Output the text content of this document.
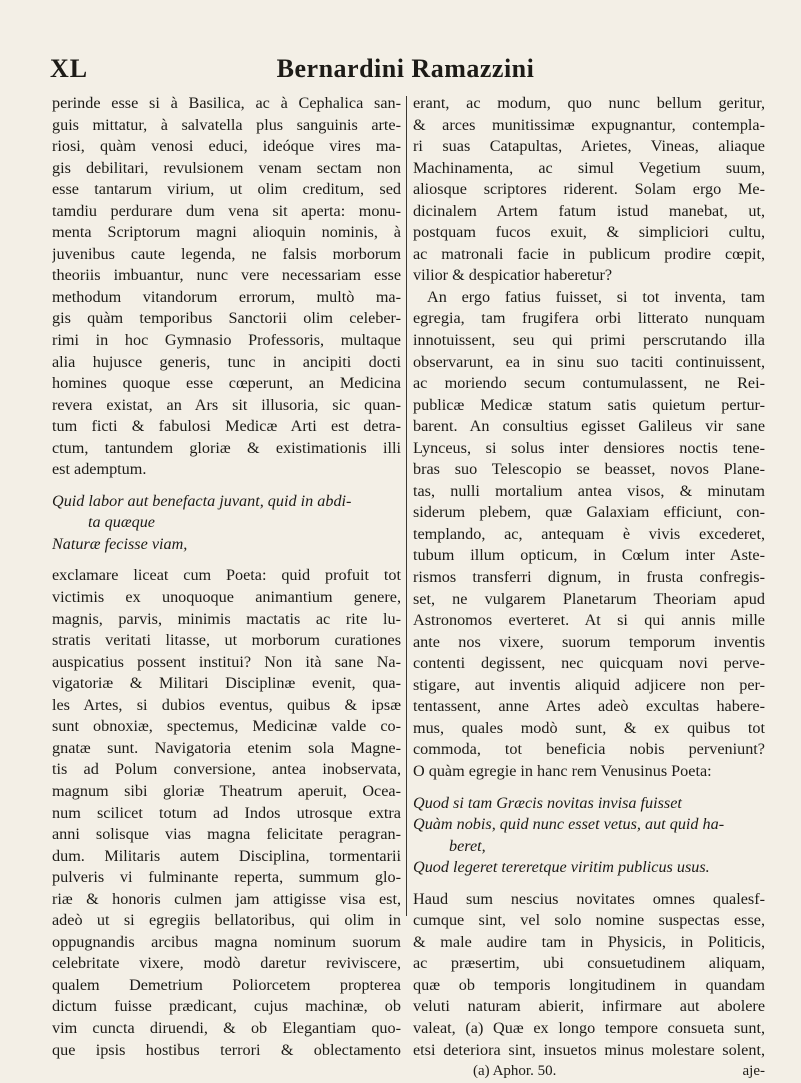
XL	Bernardini Ramazzini
perinde esse si à Basilica, ac à Cephalica san-
guis mittatur, à salvatella plus sanguinis arte-
riosi, quàm venosi educi, ideóque vires ma-
gis debilitari, revulsionem venam sectam non
esse tantarum virium, ut olim creditum, sed
tamdiu perdurare dum vena sit aperta: monu-
menta Scriptorum magni alioquin nominis, à
juvenibus caute legenda, ne falsis morborum
theoriis imbuantur, nunc vere necessariam esse
methodum vitandorum errorum, multò ma-
gis quàm temporibus Sanctorii olim celeber-
rimi in hoc Gymnasio Professoris, multaque
alia hujusce generis, tunc in ancipiti docti
homines quoque esse cœperunt, an Medicina
revera existat, an Ars sit illusoria, sic quan-
tum ficti & fabulosi Medicæ Arti est detra-
ctum, tantundem gloriæ & existimationis illi
est ademptum.
Quid labor aut benefacta juvant, quid in abdi-
ta quæque
Naturæ fecisse viam,
exclamare liceat cum Poeta: quid profuit tot
victimis ex unoquoque animantium genere,
magnis, parvis, minimis mactatis ac rite lu-
stratis veritati litasse, ut morborum curationes
auspicatius possent institui? Non ità sane Na-
vigatoriæ & Militari Disciplinæ evenit, qua-
les Artes, si dubios eventus, quibus & ipsæ
sunt obnoxiæ, spectemus, Medicinæ valde co-
gnatæ sunt. Navigatoria etenim sola Magne-
tis ad Polum conversione, antea inobservata,
magnum sibi gloriæ Theatrum aperuit, Ocea-
num scilicet totum ad Indos utrosque extra
anni solisque vias magna felicitate peragran-
dum. Militaris autem Disciplina, tormentarii
pulveris vi fulminante reperta, summum glo-
riæ & honoris culmen jam attigisse visa est,
adeò ut si egregiis bellatoribus, qui olim in
oppugnandis arcibus magna nominum suorum
celebritate vixere, modò daretur reviviscere,
qualem Demetrium Poliorcetem propterea
dictum fuisse prædicant, cujus machinæ, ob
vim cuncta diruendi, & ob Elegantiam quo-
que ipsis hostibus terrori & oblectamento
erant, ac modum, quo nunc bellum geritur,
& arces munitissimæ expugnantur, contempla-
ri suas Catapultas, Arietes, Vineas, aliaque
Machinamenta, ac simul Vegetium suum,
aliosque scriptores riderent. Solam ergo Me-
dicinalem Artem fatum istud manebat, ut,
postquam fucos exuit, & simpliciori cultu,
ac matronali facie in publicum prodire cœpit,
vilior & despicatior haberetur?
An ergo fatius fuisset, si tot inventa, tam
egregia, tam frugifera orbi litterato nunquam
innotuissent, seu qui primi perscrutando illa
observarunt, ea in sinu suo taciti continuissent,
ac moriendo secum contumulassent, ne Rei-
publicæ Medicæ statum satis quietum pertur-
barent. An consultius egisset Galileus vir sane
Lynceus, si solus inter densiores noctis tene-
bras suo Telescopio se beasset, novos Plane-
tas, nulli mortalium antea visos, & minutam
siderum plebem, quæ Galaxiam efficiunt, con-
templando, ac, antequam è vivis excederet,
tubum illum opticum, in Cœlum inter Aste-
rismos transferri dignum, in frusta confregis-
set, ne vulgarem Planetarum Theoriam apud
Astronomos everteret. At si qui annis mille
ante nos vixere, suorum temporum inventis
contenti degissent, nec quicquam novi perve-
stigare, aut inventis aliquid adjicere non per-
tentassent, anne Artes adeò excultas habere-
mus, quales modò sunt, & ex quibus tot
commoda, tot beneficia nobis perveniunt?
O quàm egregie in hanc rem Venusinus Poeta:
Quod si tam Græcis novitas invisa fuisset
Quàm nobis, quid nunc esset vetus, aut quid ha-
beret,
Quod legeret tereretque viritim publicus usus.
Haud sum nescius novitates omnes qualesf-
cumque sint, vel solo nomine suspectas esse,
& male audire tam in Physicis, in Politicis,
ac præsertim, ubi consuetudinem aliquam,
quæ ob temporis longitudinem in quandam
veluti naturam abierit, infirmare aut abolere
valeat, (a) Quæ ex longo tempore consueta sunt,
etsi deteriora sint, insuetos minus molestare solent,
(a) Aphor. 50.	aje-
